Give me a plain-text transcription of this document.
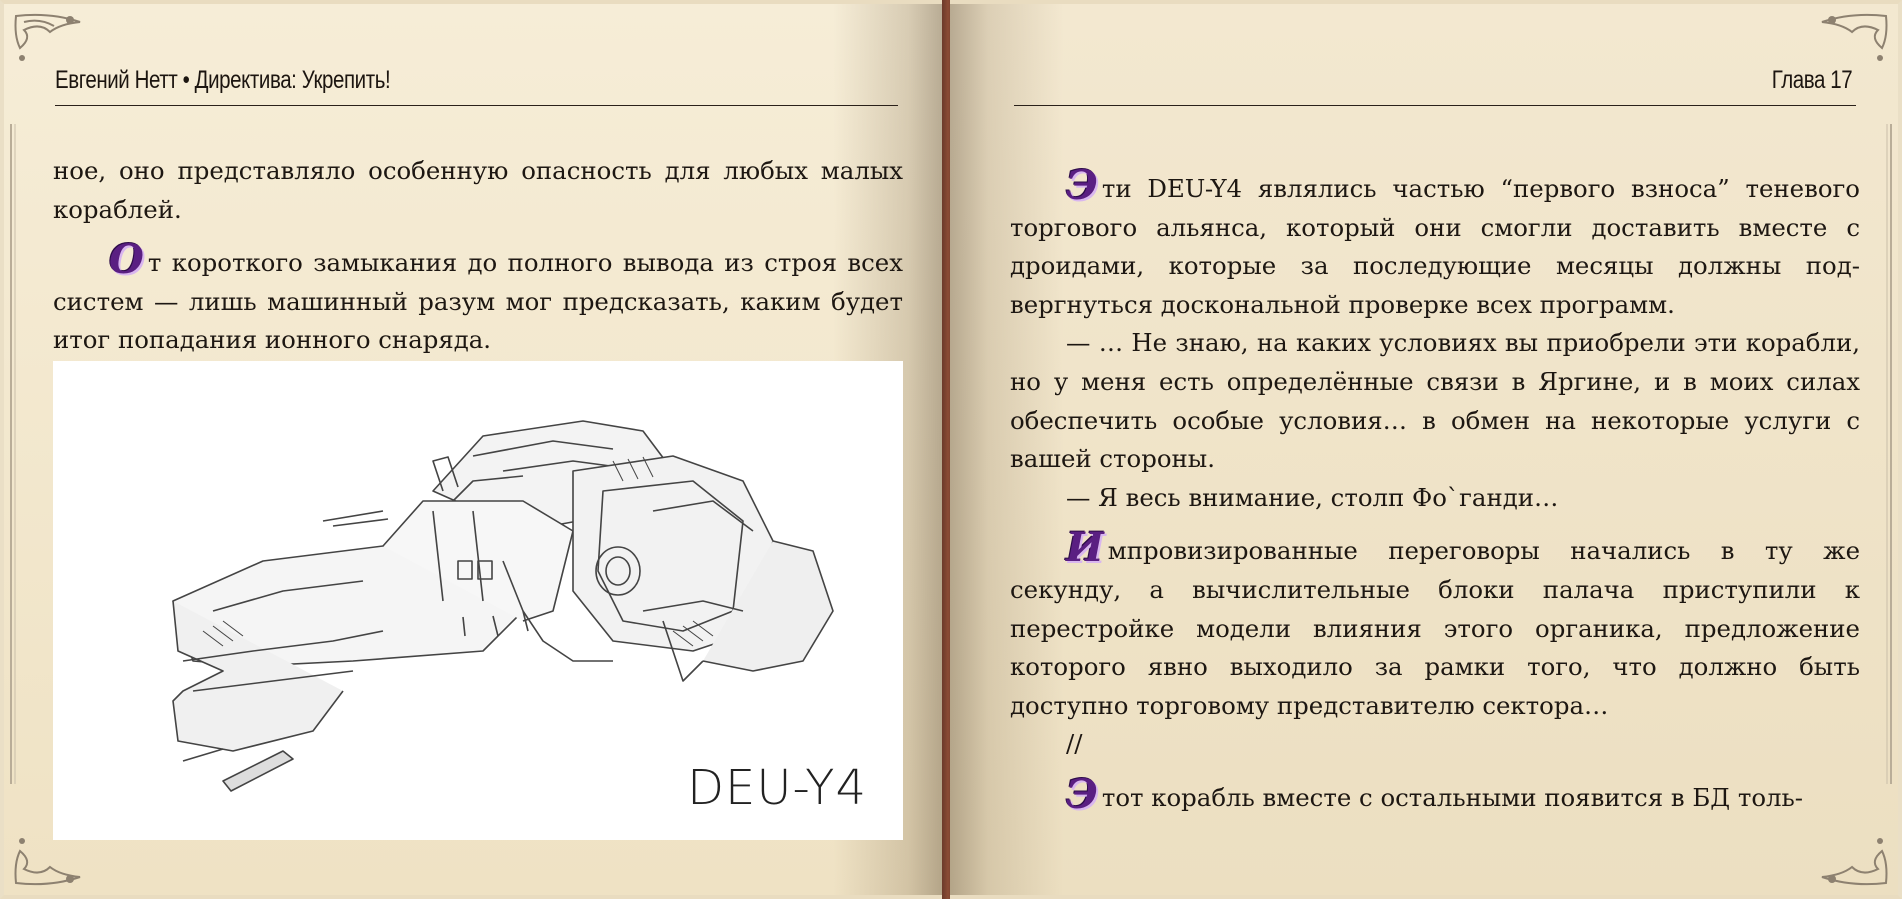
Евгений Нетт • Директива: Укрепить!

ное, оно представляло особенную опасность для любых малых кораблей.

От короткого замыкания до полного вывода из строя всех систем — лишь машинный разум мог предсказать, каким будет итог попадания ионного снаряда.

DEU-Y4
Глава 17

Эти DEU-Y4 являлись частью “первого взноса” теневого торгового альянса, который они смогли доставить вместе с дроидами, которые за последующие месяцы должны подвергнуться доскональной проверке всех программ.

— … Не знаю, на каких условиях вы приобрели эти корабли, но у меня есть определённые связи в Яргине, и в моих силах обеспечить особые условия… в обмен на некоторые услуги с вашей стороны.

— Я весь внимание, столп Фо`ганди…

Импровизированные переговоры начались в ту же секунду, а вычислительные блоки палача приступили к перестройке модели влияния этого органика, предложение которого явно выходило за рамки того, что должно быть доступно торговому представителю сектора…

//

Этот корабль вместе с остальными появится в БД толь-
